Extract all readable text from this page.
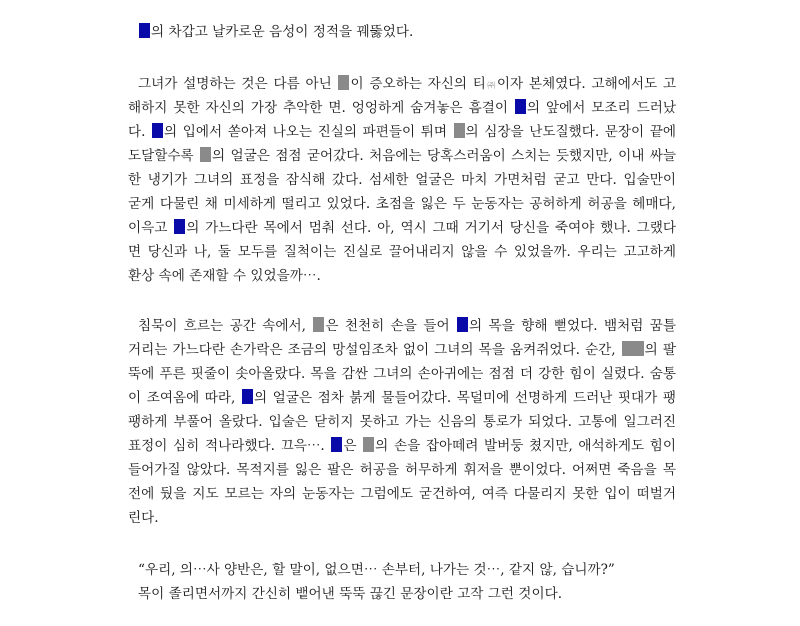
의 차갑고 날카로운 음성이 정적을 꿰뚫었다.
그녀가 설명하는 것은 다름 아닌 이 증오하는 자신의 티㈜이자 본체였다. 고해에서도 고
해하지 못한 자신의 가장 추악한 면. 엉엉하게 숨겨놓은 흠결이 의 앞에서 모조리 드러났
다. 의 입에서 쏟아져 나오는 진실의 파편들이 튀며 의 심장을 난도질했다. 문장이 끝에
도달할수록 의 얼굴은 점점 굳어갔다. 처음에는 당혹스러움이 스치는 듯했지만, 이내 싸늘
한 냉기가 그녀의 표정을 잠식해 갔다. 섬세한 얼굴은 마치 가면처럼 굳고 만다. 입술만이
굳게 다물린 채 미세하게 떨리고 있었다. 초점을 잃은 두 눈동자는 공허하게 허공을 헤매다,
이윽고 의 가느다란 목에서 멈춰 선다. 아, 역시 그때 거기서 당신을 죽여야 했나. 그랬다
면 당신과 나, 둘 모두를 질척이는 진실로 끌어내리지 않을 수 있었을까. 우리는 고고하게
환상 속에 존재할 수 있었을까⋯.
침묵이 흐르는 공간 속에서, 은 천천히 손을 들어 의 목을 향해 뻗었다. 뱀처럼 꿈틀
거리는 가느다란 손가락은 조금의 망설임조차 없이 그녀의 목을 움켜쥐었다. 순간, 의 팔
뚝에 푸른 핏줄이 솟아올랐다. 목을 감싼 그녀의 손아귀에는 점점 더 강한 힘이 실렸다. 숨통
이 조여옴에 따라, 의 얼굴은 점차 붉게 물들어갔다. 목덜미에 선명하게 드러난 핏대가 팽
팽하게 부풀어 올랐다. 입술은 닫히지 못하고 가는 신음의 통로가 되었다. 고통에 일그러진
표정이 심히 적나라했다. 끄윽⋯. 은 의 손을 잡아떼려 발버둥 쳤지만, 애석하게도 힘이
들어가질 않았다. 목적지를 잃은 팔은 허공을 허무하게 휘저을 뿐이었다. 어쩌면 죽음을 목
전에 뒀을 지도 모르는 자의 눈동자는 그럼에도 굳건하여, 여즉 다물리지 못한 입이 떠벌거
린다.
“우리, 의⋯사 양반은, 할 말이, 없으면⋯ 손부터, 나가는 것⋯, 같지 않, 습니까?”
목이 졸리면서까지 간신히 뱉어낸 뚝뚝 끊긴 문장이란 고작 그런 것이다.
